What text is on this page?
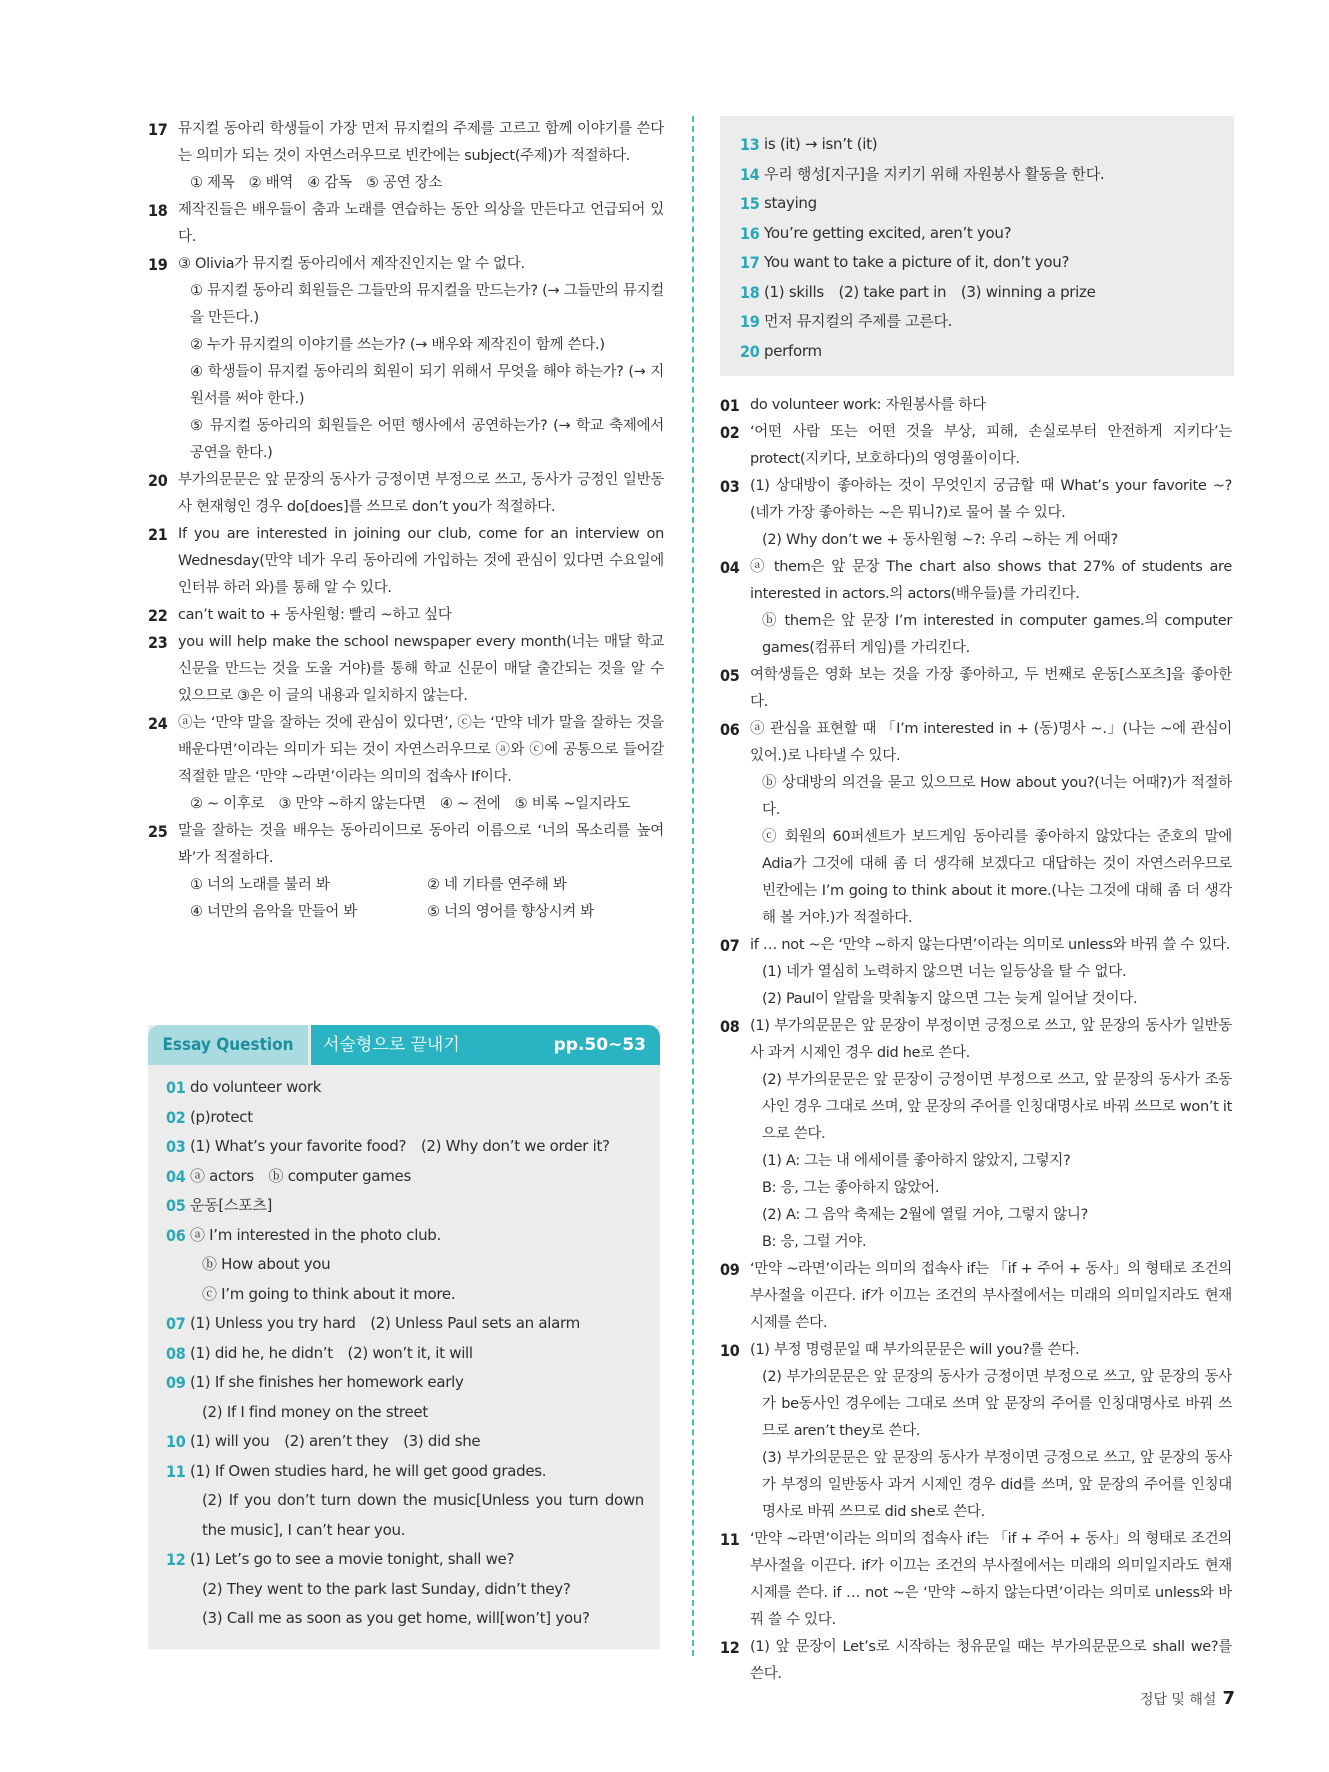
17 뮤지컬 동아리 학생들이 가장 먼저 뮤지컬의 주제를 고르고 함께 이야기를 쓴다는 의미가 되는 것이 자연스러우므로 빈칸에는 subject(주제)가 적절하다.
① 제목　② 배역　④ 감독　⑤ 공연 장소
18 제작진들은 배우들이 춤과 노래를 연습하는 동안 의상을 만든다고 언급되어 있다.
19 ③ Olivia가 뮤지컬 동아리에서 제작진인지는 알 수 없다.
① 뮤지컬 동아리 회원들은 그들만의 뮤지컬을 만드는가? (→ 그들만의 뮤지컬을 만든다.)
② 누가 뮤지컬의 이야기를 쓰는가? (→ 배우와 제작진이 함께 쓴다.)
④ 학생들이 뮤지컬 동아리의 회원이 되기 위해서 무엇을 해야 하는가? (→ 지원서를 써야 한다.)
⑤ 뮤지컬 동아리의 회원들은 어떤 행사에서 공연하는가? (→ 학교 축제에서 공연을 한다.)
20 부가의문문은 앞 문장의 동사가 긍정이면 부정으로 쓰고, 동사가 긍정인 일반동사 현재형인 경우 do[does]를 쓰므로 don’t you가 적절하다.
21 If you are interested in joining our club, come for an interview on Wednesday(만약 네가 우리 동아리에 가입하는 것에 관심이 있다면 수요일에 인터뷰 하러 와)를 통해 알 수 있다.
22 can’t wait to + 동사원형: 빨리 ~하고 싶다
23 you will help make the school newspaper every month(너는 매달 학교 신문을 만드는 것을 도울 거야)를 통해 학교 신문이 매달 출간되는 것을 알 수 있으므로 ③은 이 글의 내용과 일치하지 않는다.
24 ⓐ는 ‘만약 말을 잘하는 것에 관심이 있다면’, ⓒ는 ‘만약 네가 말을 잘하는 것을 배운다면’이라는 의미가 되는 것이 자연스러우므로 ⓐ와 ⓒ에 공통으로 들어갈 적절한 말은 ‘만약 ~라면’이라는 의미의 접속사 If이다.
② ~ 이후로　③ 만약 ~하지 않는다면　④ ~ 전에　⑤ 비록 ~일지라도
25 말을 잘하는 것을 배우는 동아리이므로 동아리 이름으로 ‘너의 목소리를 높여 봐’가 적절하다.
① 너의 노래를 불러 봐	② 네 기타를 연주해 봐
④ 너만의 음악을 만들어 봐	⑤ 너의 영어를 향상시켜 봐
Essay Question	서술형으로 끝내기	pp.50~53
01 do volunteer work
02 (p)rotect
03 (1) What’s your favorite food?　(2) Why don’t we order it?
04 ⓐ actors　ⓑ computer games
05 운동[스포츠]
06 ⓐ I’m interested in the photo club.
ⓑ How about you
ⓒ I’m going to think about it more.
07 (1) Unless you try hard　(2) Unless Paul sets an alarm
08 (1) did he, he didn’t　(2) won’t it, it will
09 (1) If she finishes her homework early
(2) If I find money on the street
10 (1) will you　(2) aren’t they　(3) did she
11 (1) If Owen studies hard, he will get good grades.
(2) If you don’t turn down the music[Unless you turn down the music], I can’t hear you.
12 (1) Let’s go to see a movie tonight, shall we?
(2) They went to the park last Sunday, didn’t they?
(3) Call me as soon as you get home, will[won’t] you?
13 is (it) → isn’t (it)
14 우리 행성[지구]을 지키기 위해 자원봉사 활동을 한다.
15 staying
16 You’re getting excited, aren’t you?
17 You want to take a picture of it, don’t you?
18 (1) skills　(2) take part in　(3) winning a prize
19 먼저 뮤지컬의 주제를 고른다.
20 perform
01 do volunteer work: 자원봉사를 하다
02 ‘어떤 사람 또는 어떤 것을 부상, 피해, 손실로부터 안전하게 지키다’는 protect(지키다, 보호하다)의 영영풀이이다.
03 (1) 상대방이 좋아하는 것이 무엇인지 궁금할 때 What’s your favorite ~? (네가 가장 좋아하는 ~은 뭐니?)로 물어 볼 수 있다.
(2) Why don’t we + 동사원형 ~?: 우리 ~하는 게 어때?
04 ⓐ them은 앞 문장 The chart also shows that 27% of students are interested in actors.의 actors(배우들)를 가리킨다.
ⓑ them은 앞 문장 I’m interested in computer games.의 computer games(컴퓨터 게임)를 가리킨다.
05 여학생들은 영화 보는 것을 가장 좋아하고, 두 번째로 운동[스포츠]을 좋아한다.
06 ⓐ 관심을 표현할 때 「I’m interested in + (동)명사 ~.」(나는 ~에 관심이 있어.)로 나타낼 수 있다.
ⓑ 상대방의 의견을 묻고 있으므로 How about you?(너는 어때?)가 적절하다.
ⓒ 회원의 60퍼센트가 보드게임 동아리를 좋아하지 않았다는 준호의 말에 Adia가 그것에 대해 좀 더 생각해 보겠다고 대답하는 것이 자연스러우므로 빈칸에는 I’m going to think about it more.(나는 그것에 대해 좀 더 생각해 볼 거야.)가 적절하다.
07 if … not ~은 ‘만약 ~하지 않는다면’이라는 의미로 unless와 바꿔 쓸 수 있다.
(1) 네가 열심히 노력하지 않으면 너는 일등상을 탈 수 없다.
(2) Paul이 알람을 맞춰놓지 않으면 그는 늦게 일어날 것이다.
08 (1) 부가의문문은 앞 문장이 부정이면 긍정으로 쓰고, 앞 문장의 동사가 일반동사 과거 시제인 경우 did he로 쓴다.
(2) 부가의문문은 앞 문장이 긍정이면 부정으로 쓰고, 앞 문장의 동사가 조동사인 경우 그대로 쓰며, 앞 문장의 주어를 인칭대명사로 바꿔 쓰므로 won’t it으로 쓴다.
(1) A: 그는 내 에세이를 좋아하지 않았지, 그렇지?
B: 응, 그는 좋아하지 않았어.
(2) A: 그 음악 축제는 2월에 열릴 거야, 그렇지 않니?
B: 응, 그럴 거야.
09 ‘만약 ~라면’이라는 의미의 접속사 if는 「if + 주어 + 동사」의 형태로 조건의 부사절을 이끈다. if가 이끄는 조건의 부사절에서는 미래의 의미일지라도 현재 시제를 쓴다.
10 (1) 부정 명령문일 때 부가의문문은 will you?를 쓴다.
(2) 부가의문문은 앞 문장의 동사가 긍정이면 부정으로 쓰고, 앞 문장의 동사가 be동사인 경우에는 그대로 쓰며 앞 문장의 주어를 인칭대명사로 바꿔 쓰므로 aren’t they로 쓴다.
(3) 부가의문문은 앞 문장의 동사가 부정이면 긍정으로 쓰고, 앞 문장의 동사가 부정의 일반동사 과거 시제인 경우 did를 쓰며, 앞 문장의 주어를 인칭대명사로 바꿔 쓰므로 did she로 쓴다.
11 ‘만약 ~라면’이라는 의미의 접속사 if는 「if + 주어 + 동사」의 형태로 조건의 부사절을 이끈다. if가 이끄는 조건의 부사절에서는 미래의 의미일지라도 현재 시제를 쓴다. if … not ~은 ‘만약 ~하지 않는다면’이라는 의미로 unless와 바꿔 쓸 수 있다.
12 (1) 앞 문장이 Let’s로 시작하는 청유문일 때는 부가의문문으로 shall we?를 쓴다.
정답 및 해설 7
